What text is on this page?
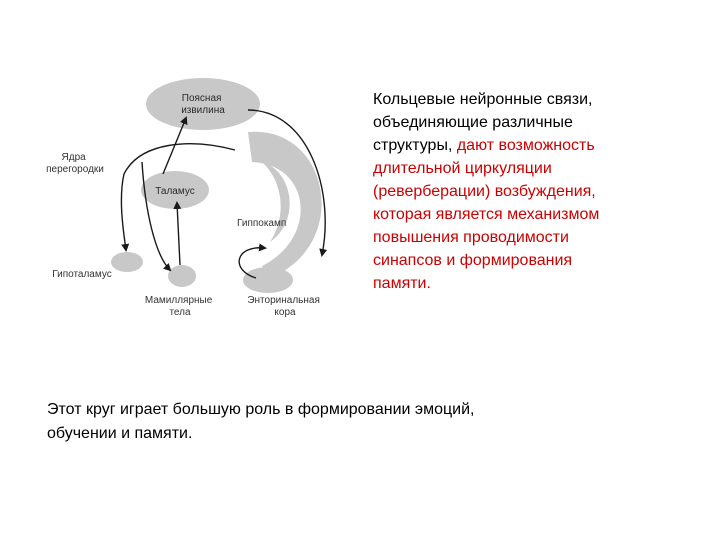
Поясная извилина
Ядра перегородки
Таламус
Гиппокамп
Гипоталамус
Мамиллярные тела
Энторинальная кора
Кольцевые нейронные связи,
объединяющие различные
структуры, дают возможность
длительной циркуляции
(реверберации) возбуждения,
которая является механизмом
повышения проводимости
синапсов и формирования
памяти.
Этот круг играет большую роль в формировании эмоций,
обучении и памяти.
